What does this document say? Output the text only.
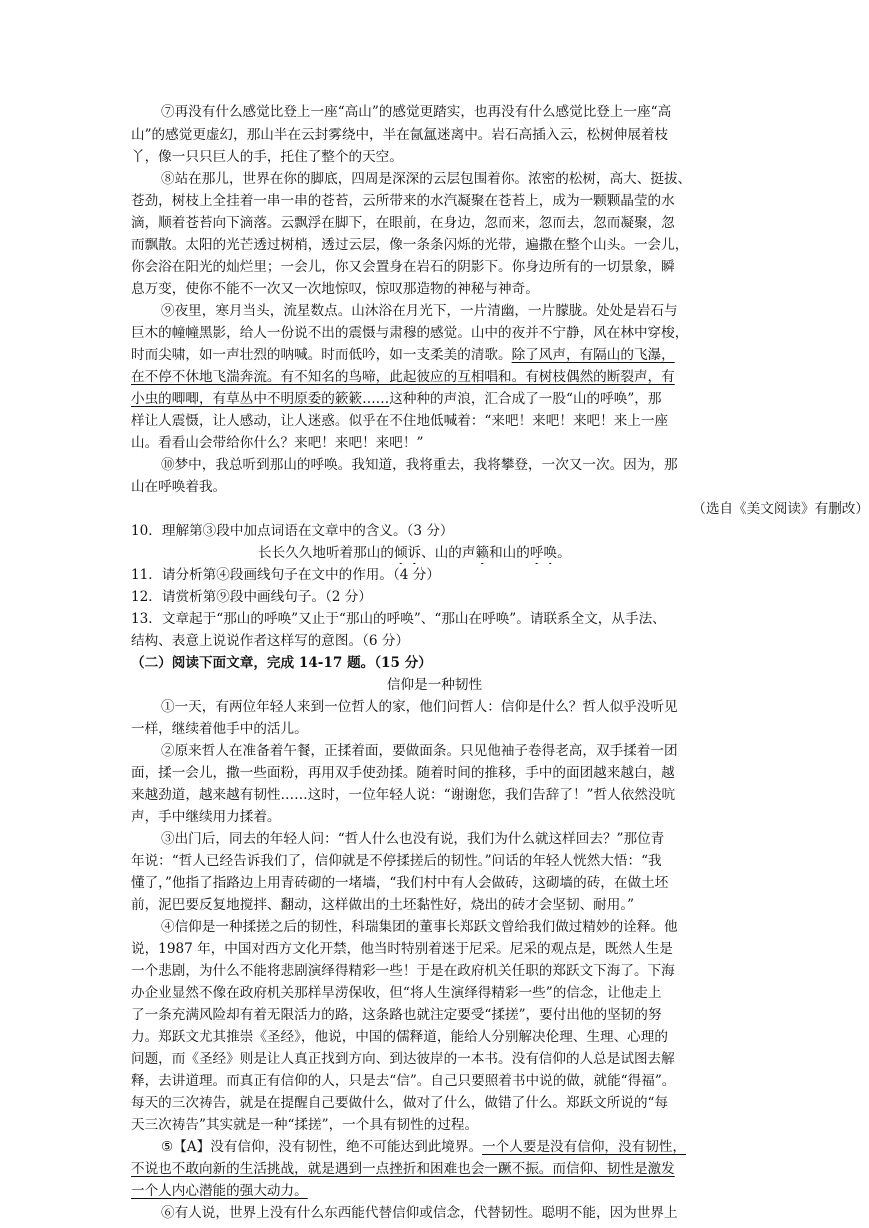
⑦再没有什么感觉比登上一座“高山”的感觉更踏实，也再没有什么感觉比登上一座“高
山”的感觉更虚幻，那山半在云封雾绕中，半在氤氲迷离中。岩石高插入云，松树伸展着枝
丫，像一只只巨人的手，托住了整个的天空。
⑧站在那儿，世界在你的脚底，四周是深深的云层包围着你。浓密的松树，高大、挺拔、
苍劲，树枝上全挂着一串一串的苍苔，云所带来的水汽凝聚在苍苔上，成为一颗颗晶莹的水
滴，顺着苍苔向下滴落。云飘浮在脚下，在眼前，在身边，忽而来，忽而去，忽而凝聚，忽
而飘散。太阳的光芒透过树梢，透过云层，像一条条闪烁的光带，遍撒在整个山头。一会儿，
你会浴在阳光的灿烂里；一会儿，你又会置身在岩石的阴影下。你身边所有的一切景象，瞬
息万变，使你不能不一次又一次地惊叹，惊叹那造物的神秘与神奇。
⑨夜里，寒月当头，流星数点。山沐浴在月光下，一片清幽，一片朦胧。处处是岩石与
巨木的幢幢黑影，给人一份说不出的震慑与肃穆的感觉。山中的夜并不宁静，风在林中穿梭，
时而尖啸，如一声壮烈的呐喊。时而低吟，如一支柔美的清歌。除了风声，有隔山的飞瀑，
在不停不休地飞湍奔流。有不知名的鸟啼，此起彼应的互相唱和。有树枝偶然的断裂声，有
小虫的唧唧，有草丛中不明原委的簌簌……这种种的声浪，汇合成了一股“山的呼唤”，那
样让人震慑，让人感动，让人迷惑。似乎在不住地低喊着：“来吧！来吧！来吧！来上一座
山。看看山会带给你什么？来吧！来吧！来吧！”
⑩梦中，我总听到那山的呼唤。我知道，我将重去，我将攀登，一次又一次。因为，那
山在呼唤着我。
（选自《美文阅读》有删改）
10．理解第③段中加点词语在文章中的含义。（3 分）
长长久久地听着那山的倾诉、山的声籁和山的呼唤。
11．请分析第④段画线句子在文中的作用。（4 分）
12．请赏析第⑨段中画线句子。（2 分）
13．文章起于“那山的呼唤”又止于“那山的呼唤”、“那山在呼唤”。请联系全文，从手法、
结构、表意上说说作者这样写的意图。（6 分）
（二）阅读下面文章，完成 14-17 题。（15 分）
信仰是一种韧性
①一天，有两位年轻人来到一位哲人的家，他们问哲人：信仰是什么？哲人似乎没听见
一样，继续着他手中的活儿。
②原来哲人在准备着午餐，正揉着面，要做面条。只见他袖子卷得老高，双手揉着一团
面，揉一会儿，撒一些面粉，再用双手使劲揉。随着时间的推移，手中的面团越来越白，越
来越劲道，越来越有韧性……这时，一位年轻人说：“谢谢您，我们告辞了！”哲人依然没吭
声，手中继续用力揉着。
③出门后，同去的年轻人问：“哲人什么也没有说，我们为什么就这样回去？”那位青
年说：“哲人已经告诉我们了，信仰就是不停揉搓后的韧性。”问话的年轻人恍然大悟：“我
懂了，”他指了指路边上用青砖砌的一堵墙，“我们村中有人会做砖，这砌墙的砖，在做土坯
前，泥巴要反复地搅拌、翻动，这样做出的土坯黏性好，烧出的砖才会坚韧、耐用。”
④信仰是一种揉搓之后的韧性，科瑞集团的董事长郑跃文曾给我们做过精妙的诠释。他
说，1987 年，中国对西方文化开禁，他当时特别着迷于尼采。尼采的观点是，既然人生是
一个悲剧，为什么不能将悲剧演绎得精彩一些！于是在政府机关任职的郑跃文下海了。下海
办企业显然不像在政府机关那样旱涝保收，但“将人生演绎得精彩一些”的信念，让他走上
了一条充满风险却有着无限活力的路，这条路也就注定要受“揉搓”，要付出他的坚韧的努
力。郑跃文尤其推崇《圣经》，他说，中国的儒释道，能给人分别解决伦理、生理、心理的
问题，而《圣经》则是让人真正找到方向、到达彼岸的一本书。没有信仰的人总是试图去解
释，去讲道理。而真正有信仰的人，只是去“信”。自己只要照着书中说的做，就能“得福”。
每天的三次祷告，就是在提醒自己要做什么，做对了什么，做错了什么。郑跃文所说的“每
天三次祷告”其实就是一种“揉搓”，一个具有韧性的过程。
⑤【A】没有信仰，没有韧性，绝不可能达到此境界。一个人要是没有信仰，没有韧性，
不说也不敢向新的生活挑战，就是遇到一点挫折和困难也会一蹶不振。而信仰、韧性是激发
一个人内心潜能的强大动力。
⑥有人说，世界上没有什么东西能代替信仰或信念，代替韧性。聪明不能，因为世界上
